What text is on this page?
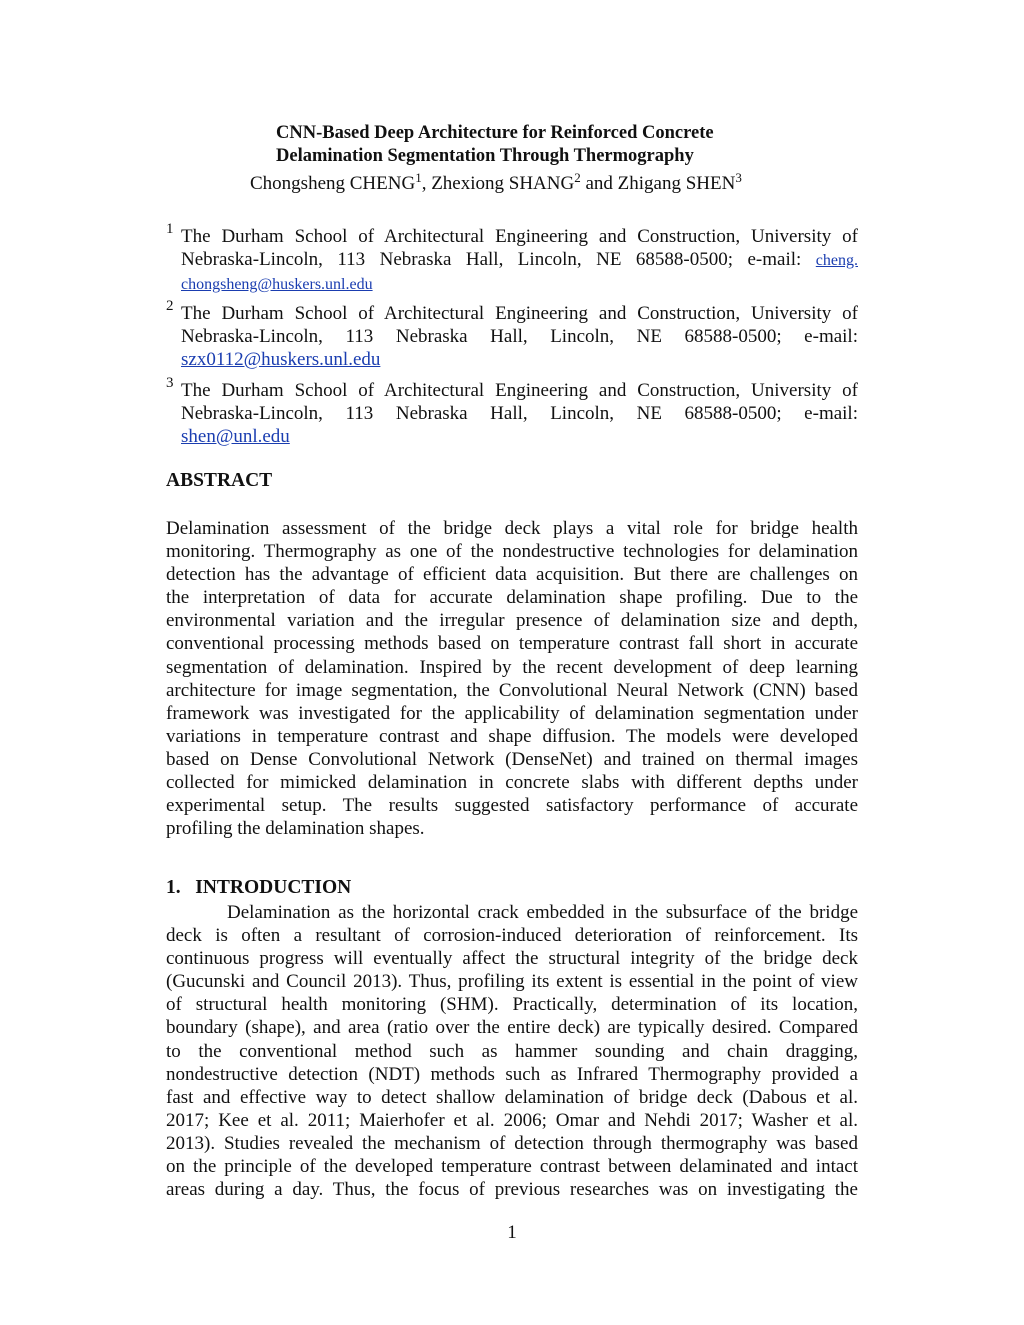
CNN-Based Deep Architecture for Reinforced Concrete
Delamination Segmentation Through Thermography
Chongsheng CHENG$^1$, Zhexiong SHANG$^2$ and Zhigang SHEN$^3$
1 The Durham School of Architectural Engineering and Construction, University of
Nebraska-Lincoln, 113 Nebraska Hall, Lincoln, NE 68588-0500; e-mail: cheng.
chongsheng@huskers.unl.edu
2 The Durham School of Architectural Engineering and Construction, University of
Nebraska-Lincoln, 113 Nebraska Hall, Lincoln, NE 68588-0500; e-mail:
szx0112@huskers.unl.edu
3 The Durham School of Architectural Engineering and Construction, University of
Nebraska-Lincoln, 113 Nebraska Hall, Lincoln, NE 68588-0500; e-mail:
shen@unl.edu
ABSTRACT
Delamination assessment of the bridge deck plays a vital role for bridge health
monitoring. Thermography as one of the nondestructive technologies for delamination
detection has the advantage of efficient data acquisition. But there are challenges on
the interpretation of data for accurate delamination shape profiling. Due to the
environmental variation and the irregular presence of delamination size and depth,
conventional processing methods based on temperature contrast fall short in accurate
segmentation of delamination. Inspired by the recent development of deep learning
architecture for image segmentation, the Convolutional Neural Network (CNN) based
framework was investigated for the applicability of delamination segmentation under
variations in temperature contrast and shape diffusion. The models were developed
based on Dense Convolutional Network (DenseNet) and trained on thermal images
collected for mimicked delamination in concrete slabs with different depths under
experimental setup. The results suggested satisfactory performance of accurate
profiling the delamination shapes.
1.   INTRODUCTION
Delamination as the horizontal crack embedded in the subsurface of the bridge
deck is often a resultant of corrosion-induced deterioration of reinforcement. Its
continuous progress will eventually affect the structural integrity of the bridge deck
(Gucunski and Council 2013). Thus, profiling its extent is essential in the point of view
of structural health monitoring (SHM). Practically, determination of its location,
boundary (shape), and area (ratio over the entire deck) are typically desired. Compared
to the conventional method such as hammer sounding and chain dragging,
nondestructive detection (NDT) methods such as Infrared Thermography provided a
fast and effective way to detect shallow delamination of bridge deck (Dabous et al.
2017; Kee et al. 2011; Maierhofer et al. 2006; Omar and Nehdi 2017; Washer et al.
2013). Studies revealed the mechanism of detection through thermography was based
on the principle of the developed temperature contrast between delaminated and intact
areas during a day. Thus, the focus of previous researches was on investigating the
1
